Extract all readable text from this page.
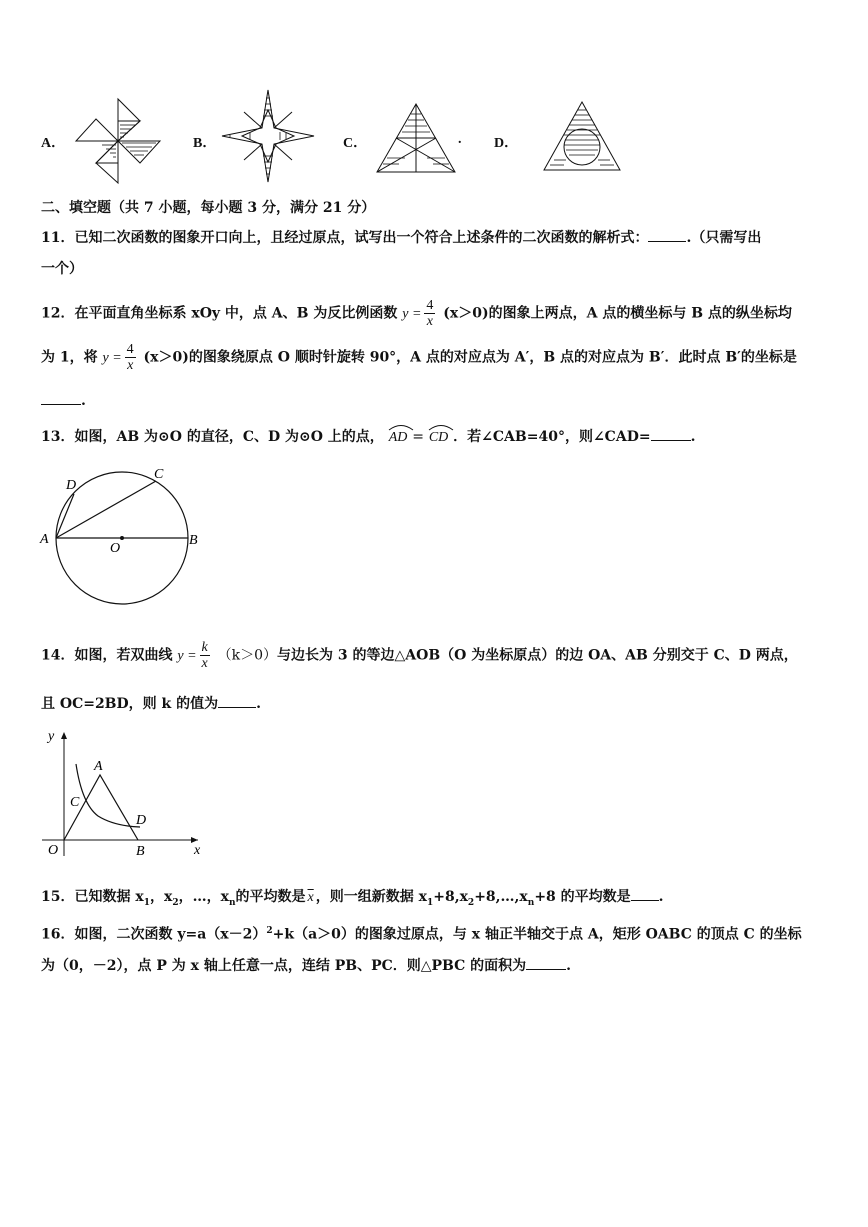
A．	B．	C．	. D．
二、填空题（共 7 小题，每小题 3 分，满分 21 分）
11．已知二次函数的图象开口向上，且经过原点，试写出一个符合上述条件的二次函数的解析式：	.（只需写出
一个）
12．在平面直角坐标系 xOy 中，点 A、B 为反比例函数 $y = \frac{4}{x} (x>0)$的图象上两点，A 点的横坐标与 B 点的纵坐标均
为 1，将 $y = \frac{4}{x} (x>0)$的图象绕原点 O 顺时针旋转 90°，A 点的对应点为 A′，B 点的对应点为 B′．此时点 B′的坐标是
.
13．如图，AB 为⊙O 的直径，C、D 为⊙O 上的点， AD = CD ．若∠CAB=40°，则∠CAD=	.
A	B
C
D
O
14．如图，若双曲线 $y = \frac{k}{x} (k>0)$与边长为 3 的等边△AOB（O 为坐标原点）的边 OA、AB 分别交于 C、D 两点，
且 OC=2BD，则 k 的值为	.
y
x
A
C
D
O	B
15．已知数据 $x_1$，$x_2$，…，$x_n$的平均数是 $\overline{x}$ ，则一组新数据 $x_1+8,x_2+8,\dots,x_n+8$ 的平均数是 .
16．如图，二次函数 $y=a(x-2)^2+k(a>0)$的图象过原点，与 x 轴正半轴交于点 A，矩形 OABC 的顶点 C 的坐标
为（0，－2），点 P 为 x 轴上任意一点，连结 PB、PC．则△PBC 的面积为	.
